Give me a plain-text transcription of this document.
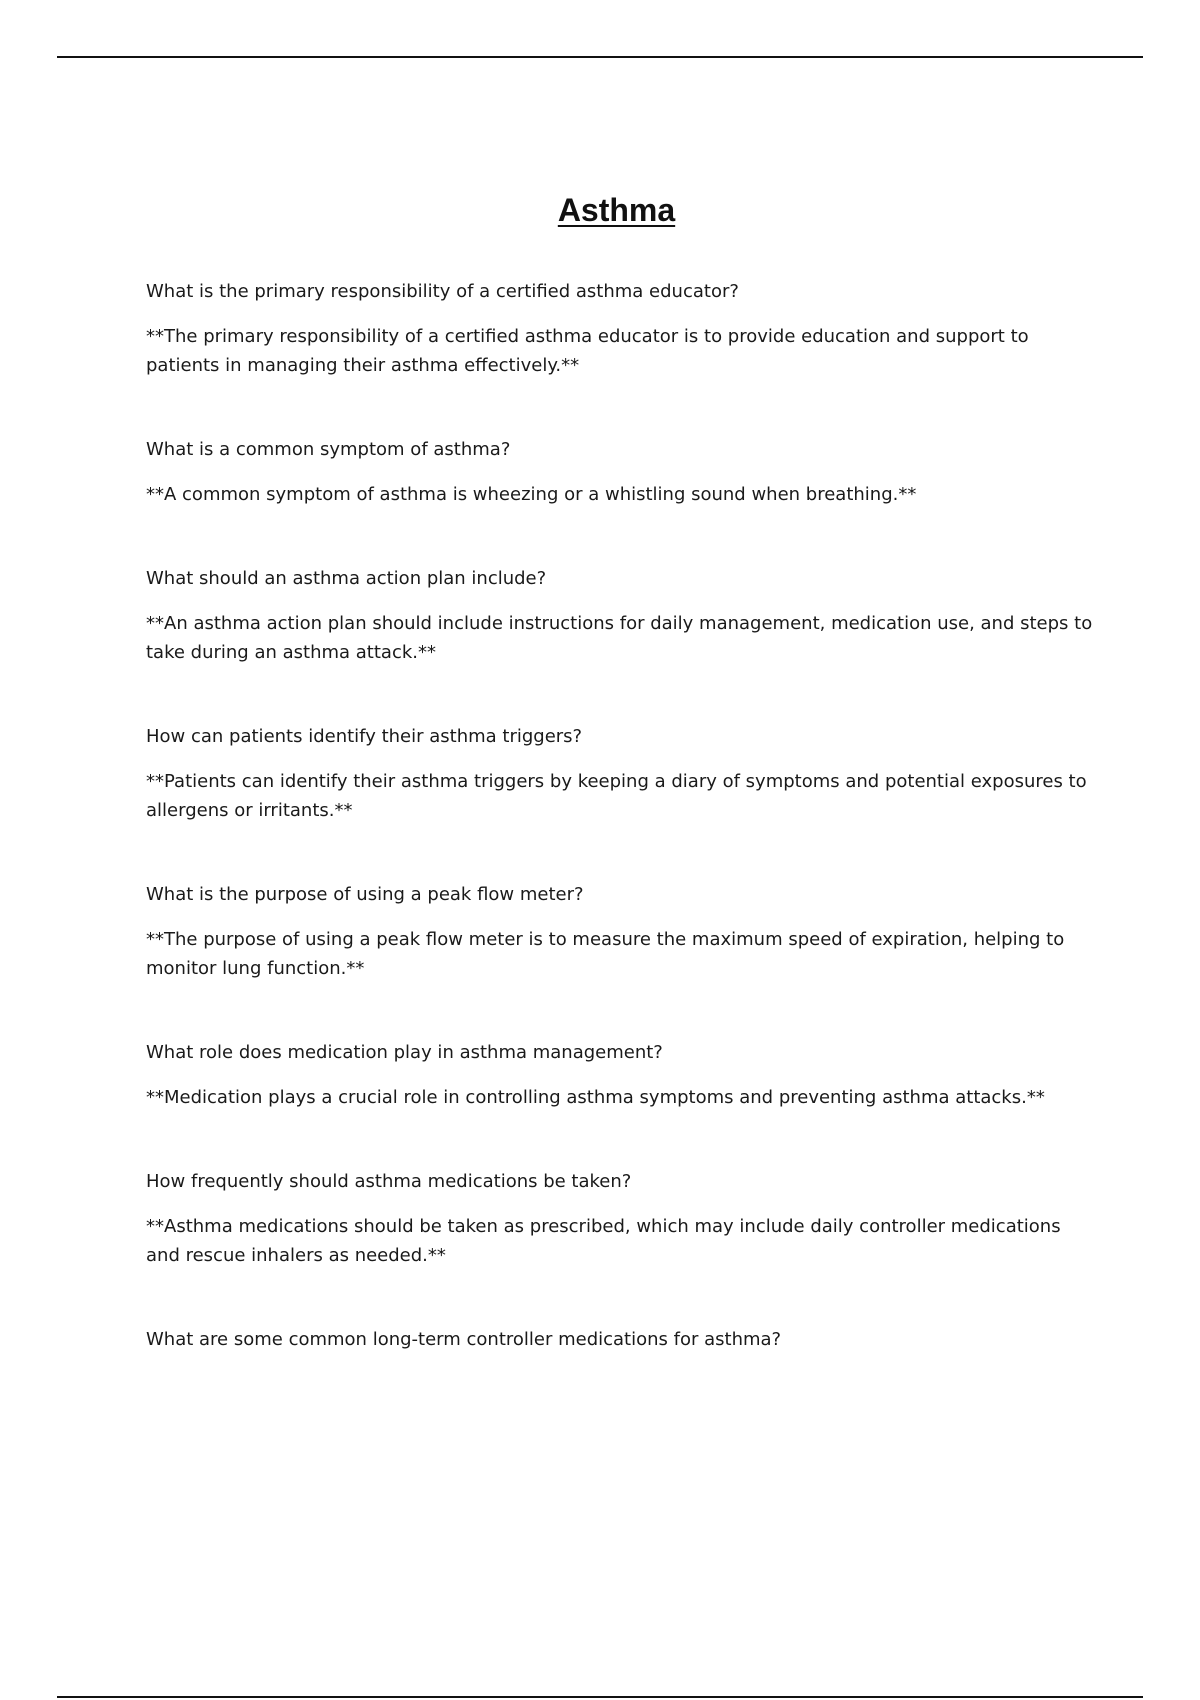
Asthma

What is the primary responsibility of a certified asthma educator?

**The primary responsibility of a certified asthma educator is to provide education and support to patients in managing their asthma effectively.**

What is a common symptom of asthma?

**A common symptom of asthma is wheezing or a whistling sound when breathing.**

What should an asthma action plan include?

**An asthma action plan should include instructions for daily management, medication use, and steps to take during an asthma attack.**

How can patients identify their asthma triggers?

**Patients can identify their asthma triggers by keeping a diary of symptoms and potential exposures to allergens or irritants.**

What is the purpose of using a peak flow meter?

**The purpose of using a peak flow meter is to measure the maximum speed of expiration, helping to monitor lung function.**

What role does medication play in asthma management?

**Medication plays a crucial role in controlling asthma symptoms and preventing asthma attacks.**

How frequently should asthma medications be taken?

**Asthma medications should be taken as prescribed, which may include daily controller medications and rescue inhalers as needed.**

What are some common long-term controller medications for asthma?
